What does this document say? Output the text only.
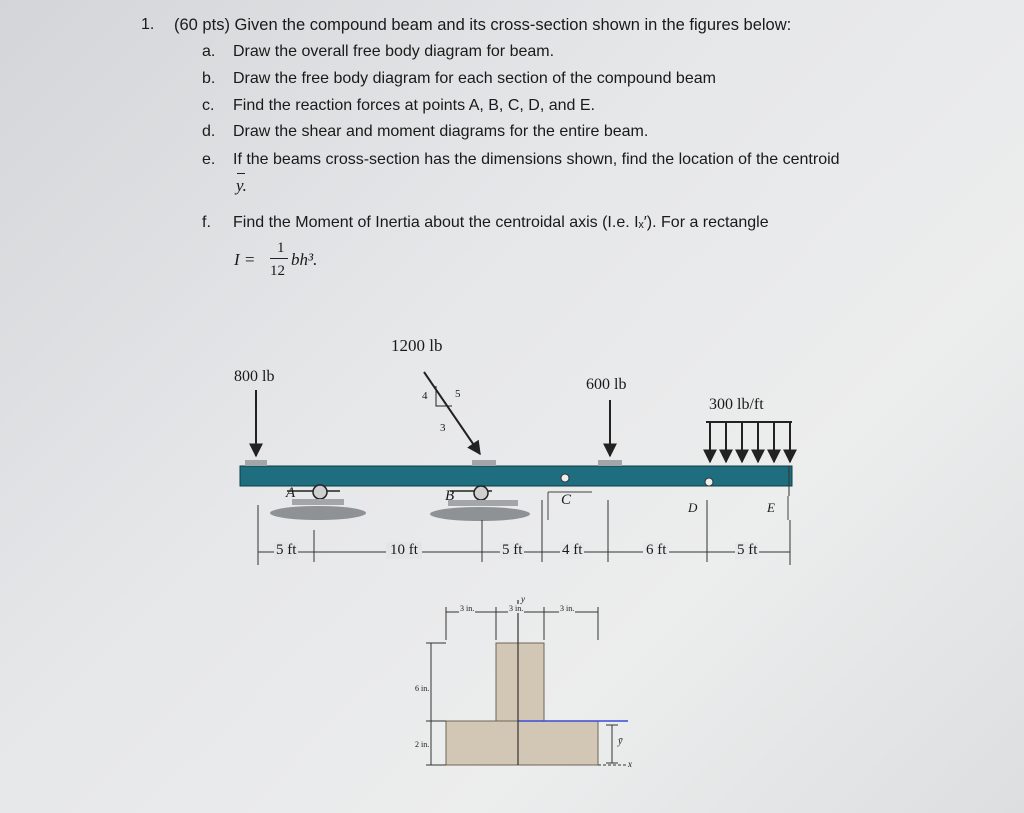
1. (60 pts) Given the compound beam and its cross-section shown in the figures below:
a. Draw the overall free body diagram for beam.
b. Draw the free body diagram for each section of the compound beam
c. Find the reaction forces at points A, B, C, D, and E.
d. Draw the shear and moment diagrams for the entire beam.
e. If the beams cross-section has the dimensions shown, find the location of the centroid
y.
f. Find the Moment of Inertia about the centroidal axis (I.e. Iₓ′). For a rectangle
I =
1
12
bh³.
800 lb
1200 lb
4	5
3
600 lb
300 lb/ft
A	B	C	D	E
5 ft	10 ft	5 ft	4 ft	6 ft	5 ft
3 in.	3 in.	3 in.
6 in.
2 in.
y
x
ȳ
